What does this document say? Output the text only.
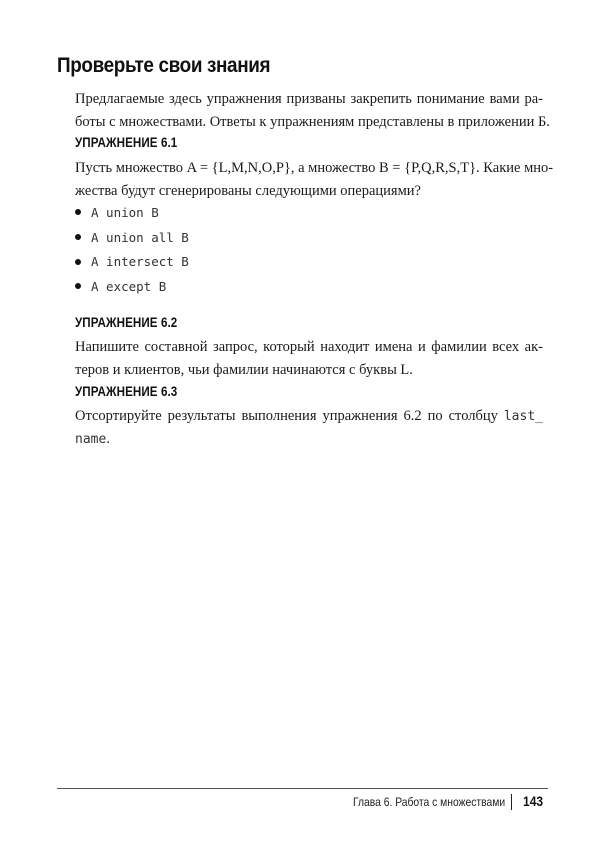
Проверьте свои знания

Предлагаемые здесь упражнения призваны закрепить понимание вами ра-
боты с множествами. Ответы к упражнениям представлены в приложении Б.

УПРАЖНЕНИЕ 6.1

Пусть множество A = {L,M,N,O,P}, а множество B = {P,Q,R,S,T}. Какие мно-
жества будут сгенерированы следующими операциями?

A union B
A union all B
A intersect B
A except B
УПРАЖНЕНИЕ 6.2

Напишите составной запрос, который находит имена и фамилии всех ак-
теров и клиентов, чьи фамилии начинаются с буквы L.

УПРАЖНЕНИЕ 6.3

Отсортируйте результаты выполнения упражнения 6.2 по столбцу last_
name.

Глава 6. Работа с множествами 143
